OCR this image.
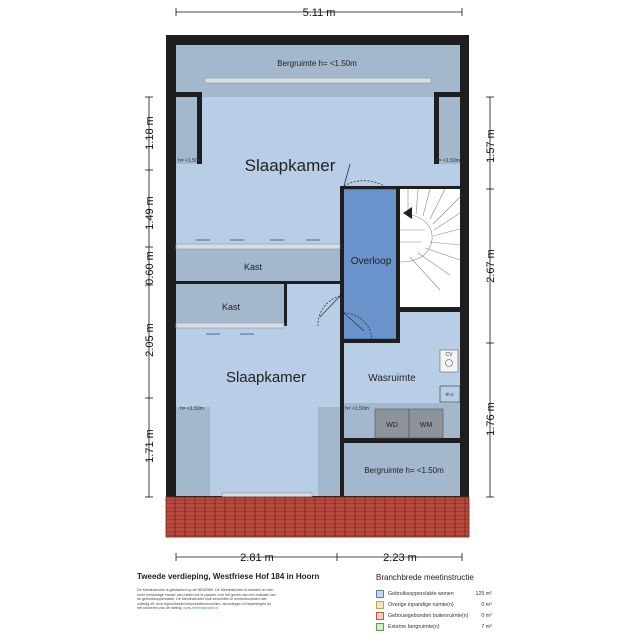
5.11 m
2.81 m	2.23 m
1.18 m
1.49 m
0.60 m
2.05 m
1.71 m
1.57 m
2.67 m
1.76 m
WD	WM
CV
m.v.
Bergruimte h= <1.50m
Slaapkamer
Kast
Kast
Slaapkamer
Overloop
Wasruimte
Bergruimte h= <1.50m
h= <1.50m	h= <1.50m
h= <1.50m	h= <1.50m
Tweede verdieping, Westfriese Hof 184 in Hoorn
De Meetinstructie is gebaseerd op de NEN2580. De Meetinstructie is bedoeld om een
meer eenduidige manier van meten toe te passen voor het geven van een indicatie van
de gebruiksoppervlakte. De Meetinstructie sluit verschillen in meetuitkomsten niet
volledig uit, door bijvoorbeeld interpretatieverschillen, afrondingen of beperkingen bij
het uitvoeren van de meting. www.meetinstructie.nl
Branchbrede meetinstructie
Gebruiksoppervlakte wonen	129 m²
Overige inpandige ruimte(n)	0 m²
Gebouwgebonden buitenruimte(n)	0 m²
Externe bergruimte(n)	7 m²
